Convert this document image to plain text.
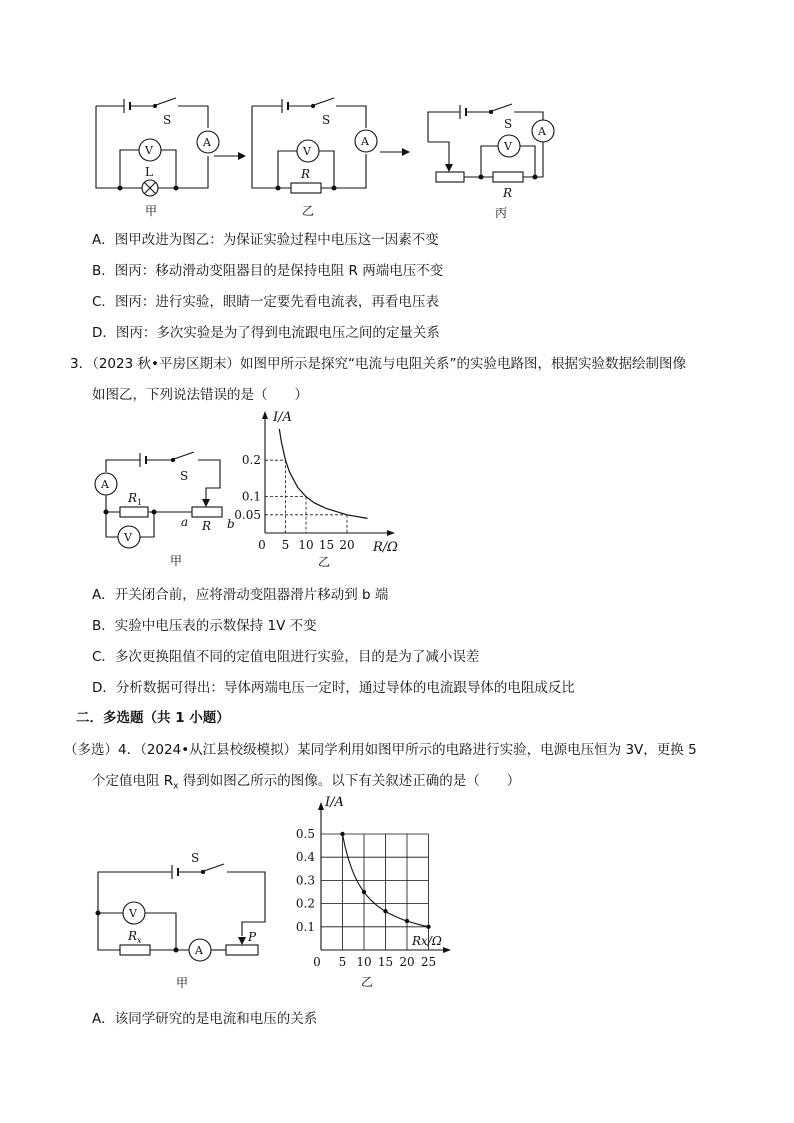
S
A
V
L
甲
S
A
V
R
乙
S
A
V
R
丙
A．图甲改进为图乙：为保证实验过程中电压这一因素不变
B．图丙：移动滑动变阻器目的是保持电阻 R 两端电压不变
C．图丙：进行实验，眼睛一定要先看电流表，再看电压表
D．图丙：多次实验是为了得到电流跟电压之间的定量关系
3．（2023 秋•平房区期末）如图甲所示是探究“电流与电阻关系”的实验电路图，根据实验数据绘制图像
如图乙，下列说法错误的是（　　）
A
S
$R_1$
a R b
V
甲
0.05
0.1
0.2
0 5 10 15 20
I/A
R/Ω
乙
A．开关闭合前，应将滑动变阻器滑片移动到 b 端
B．实验中电压表的示数保持 1V 不变
C．多次更换阻值不同的定值电阻进行实验，目的是为了减小误差
D．分析数据可得出：导体两端电压一定时，通过导体的电流跟导体的电阻成反比
二．多选题（共 1 小题）
（多选）4．（2024•从江县校级模拟）某同学利用如图甲所示的电路进行实验，电源电压恒为 3V，更换 5
个定值电阻 $R_x$ 得到如图乙所示的图像。以下有关叙述正确的是（　　）
S
V
$R_x$
A
P
甲
0.1
0.2
0.3
0.4
0.5
0 5 10 15 20 25
I/A
Rx/Ω
乙
A．该同学研究的是电流和电压的关系
